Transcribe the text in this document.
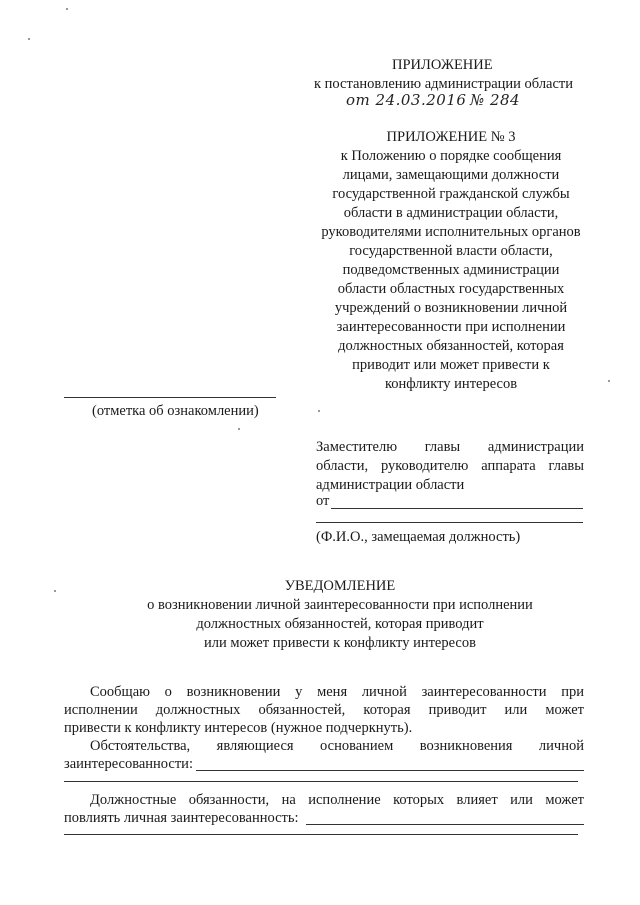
ПРИЛОЖЕНИЕ
к постановлению администрации области
от 24.03.2016 № 284
ПРИЛОЖЕНИЕ № 3
к Положению о порядке сообщения
лицами, замещающими должности
государственной гражданской службы
области в администрации области,
руководителями исполнительных органов
государственной власти области,
подведомственных администрации
области областных государственных
учреждений о возникновении личной
заинтересованности при исполнении
должностных обязанностей, которая
приводит или может привести к
конфликту интересов
(отметка об ознакомлении)
Заместителю главы администрации
области, руководителю аппарата главы
администрации области
от
(Ф.И.О., замещаемая должность)
УВЕДОМЛЕНИЕ
о возникновении личной заинтересованности при исполнении
должностных обязанностей, которая приводит
или может привести к конфликту интересов
Сообщаю о возникновении у меня личной заинтересованности при
исполнении должностных обязанностей, которая приводит или может
привести к конфликту интересов (нужное подчеркнуть).
Обстоятельства, являющиеся основанием возникновения личной
заинтересованности:
Должностные обязанности, на исполнение которых влияет или может
повлиять личная заинтересованность:
